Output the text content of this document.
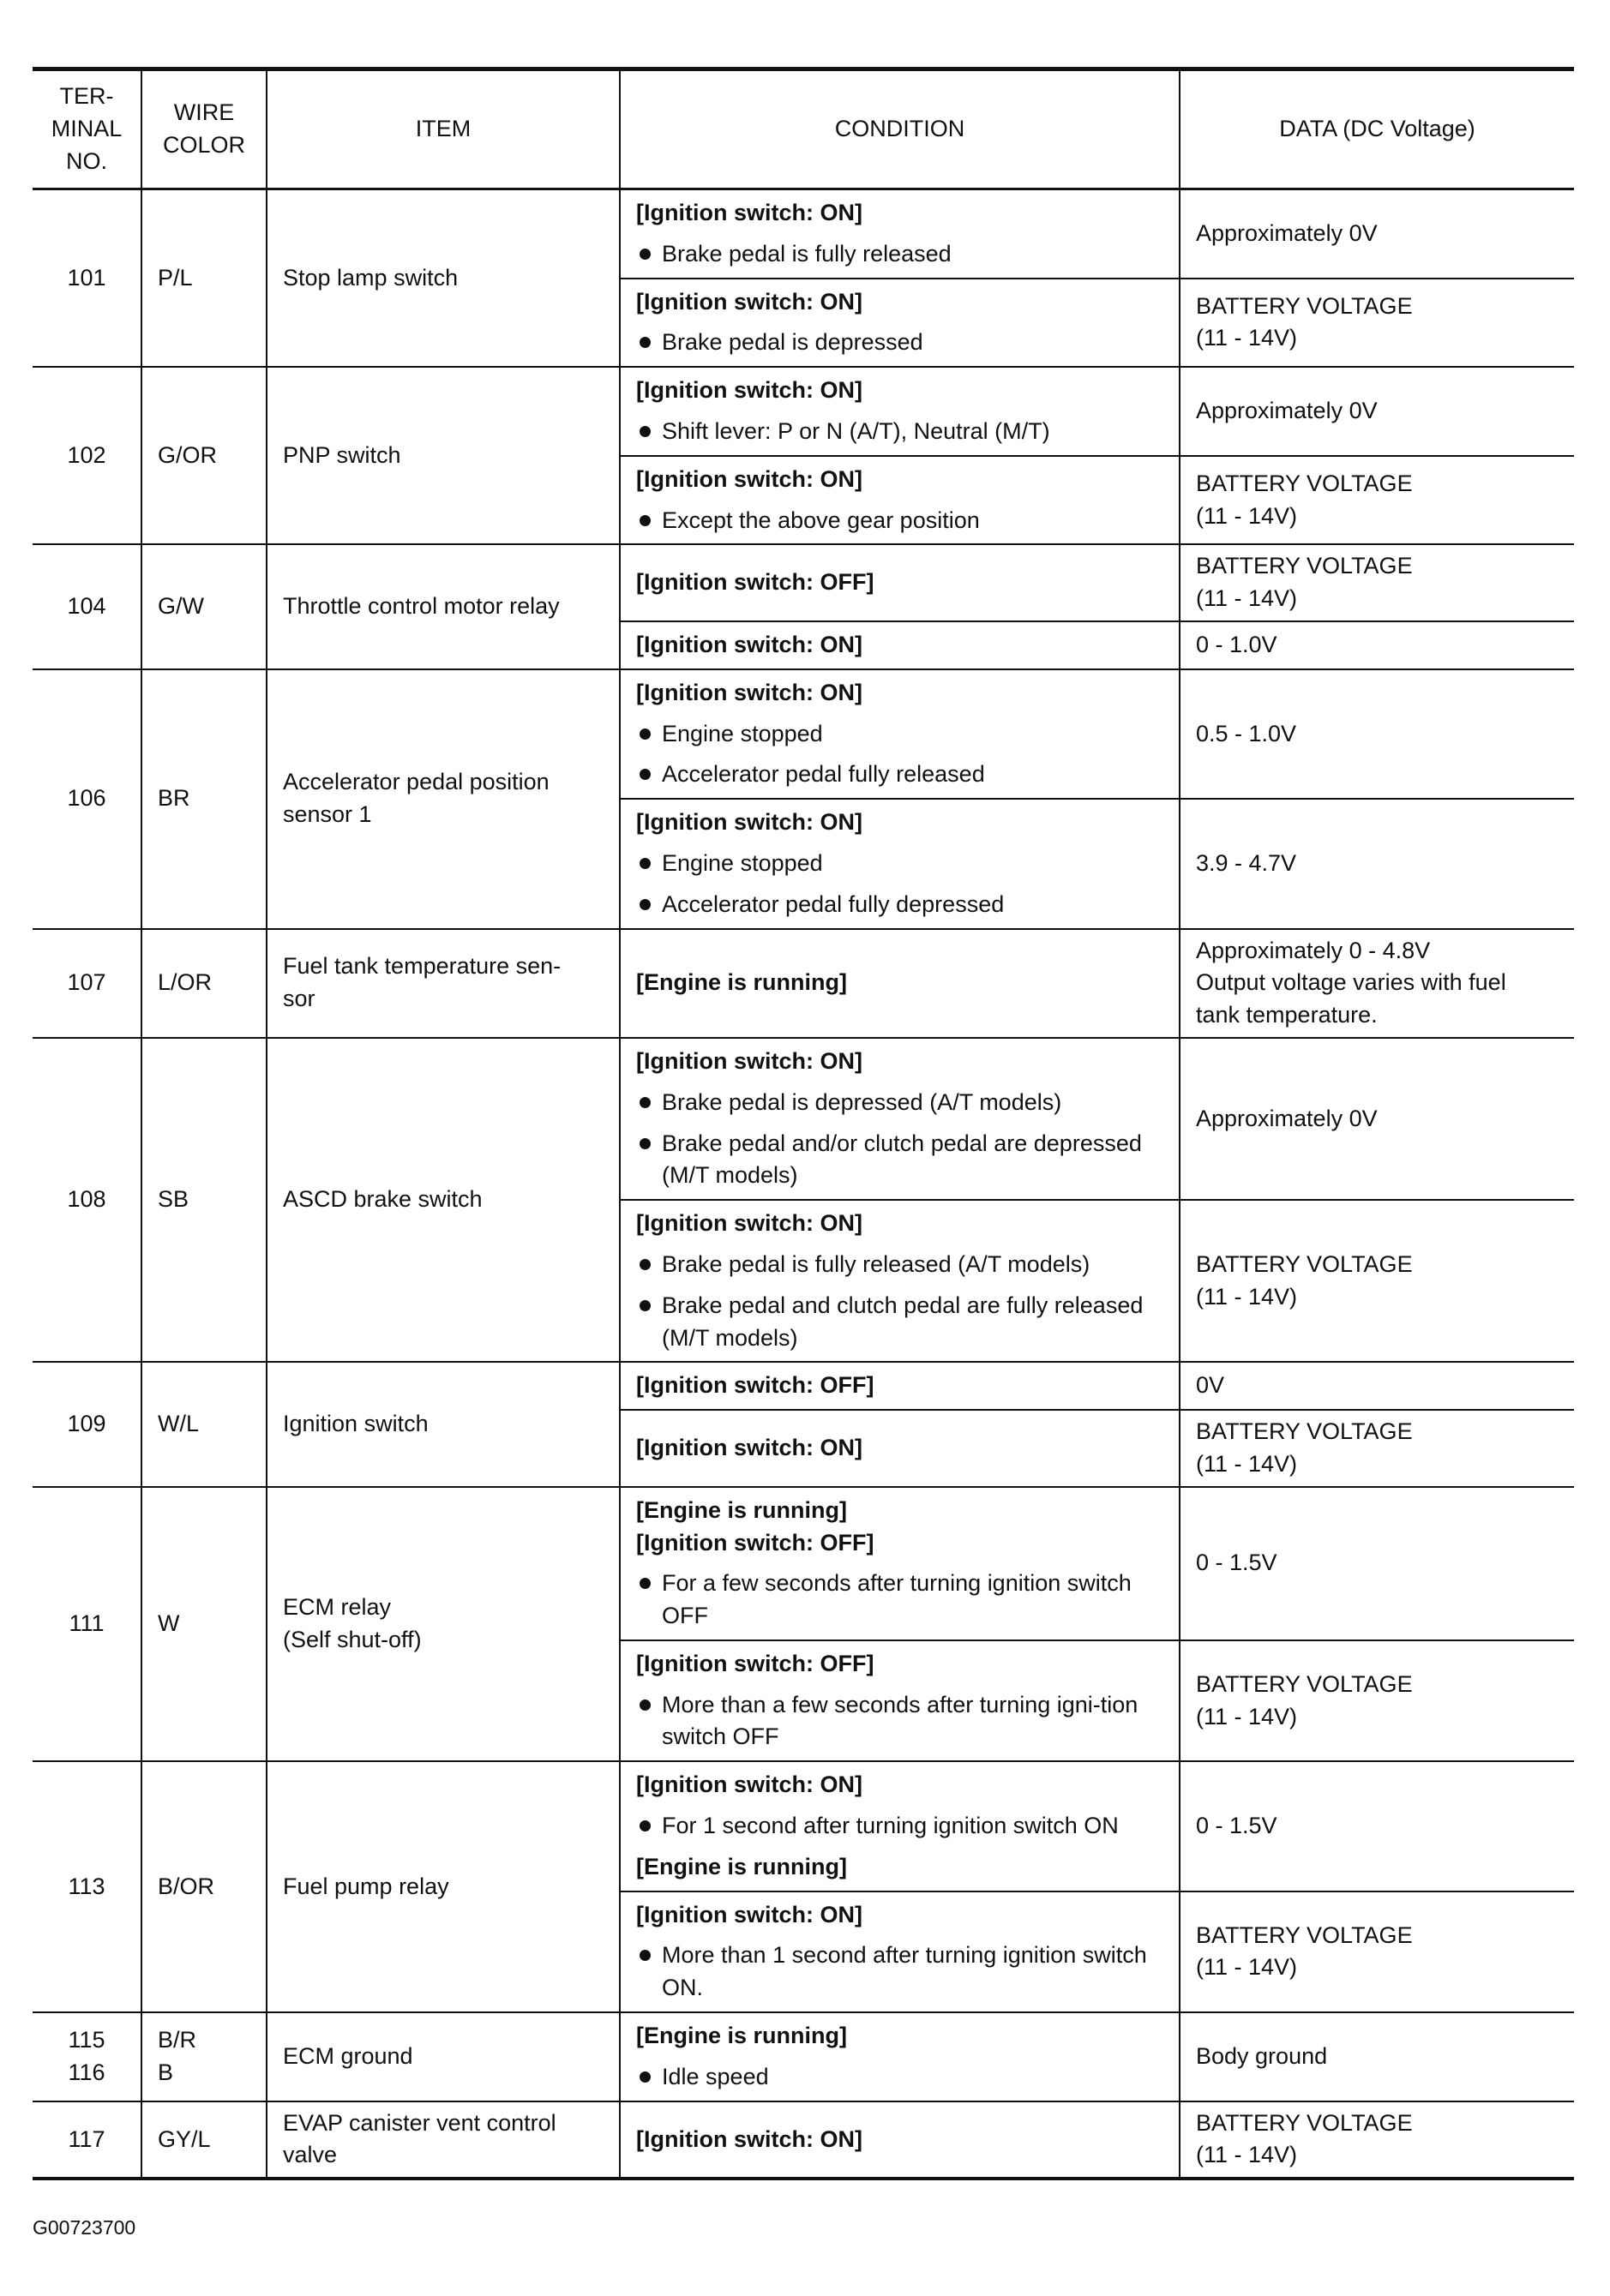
TER-
MINAL
NO.	WIRE
COLOR	ITEM	CONDITION	DATA (DC Voltage)
101	P/L	Stop lamp switch	[Ignition switch: ON]
Brake pedal is fully released	Approximately 0V

			[Ignition switch: ON]
Brake pedal is depressed	BATTERY VOLTAGE
(11 - 14V)
102	G/OR	PNP switch	[Ignition switch: ON]
Shift lever: P or N (A/T), Neutral (M/T)	Approximately 0V

			[Ignition switch: ON]
Except the above gear position	BATTERY VOLTAGE
(11 - 14V)
104	G/W	Throttle control motor relay	[Ignition switch: OFF]	BATTERY VOLTAGE
(11 - 14V)

			[Ignition switch: ON]	0 - 1.0V
106	BR	Accelerator pedal position sensor 1	[Ignition switch: ON]
Engine stopped
Accelerator pedal fully released	0.5 - 1.0V

			[Ignition switch: ON]
Engine stopped
Accelerator pedal fully depressed	3.9 - 4.7V
107	L/OR	Fuel tank temperature sen-
sor	[Engine is running]	Approximately 0 - 4.8V
Output voltage varies with fuel
tank temperature.
108	SB	ASCD brake switch	[Ignition switch: ON]
Brake pedal is depressed (A/T models)
Brake pedal and/or clutch pedal are depressed (M/T models)	Approximately 0V

			[Ignition switch: ON]
Brake pedal is fully released (A/T models)
Brake pedal and clutch pedal are fully released (M/T models)	BATTERY VOLTAGE
(11 - 14V)
109	W/L	Ignition switch	[Ignition switch: OFF]	0V

			[Ignition switch: ON]	BATTERY VOLTAGE
(11 - 14V)
111	W	ECM relay
(Self shut-off)	[Engine is running]
[Ignition switch: OFF]
For a few seconds after turning ignition switch OFF	0 - 1.5V

			[Ignition switch: OFF]
More than a few seconds after turning igni-tion switch OFF	BATTERY VOLTAGE
(11 - 14V)
113	B/OR	Fuel pump relay	[Ignition switch: ON]
For 1 second after turning ignition switch ON
[Engine is running]	0 - 1.5V

			[Ignition switch: ON]
More than 1 second after turning ignition switch ON.	BATTERY VOLTAGE
(11 - 14V)
115
116	B/R
B	ECM ground	[Engine is running]
Idle speed	Body ground
117	GY/L	EVAP canister vent control valve	[Ignition switch: ON]	BATTERY VOLTAGE
(11 - 14V)
G00723700
